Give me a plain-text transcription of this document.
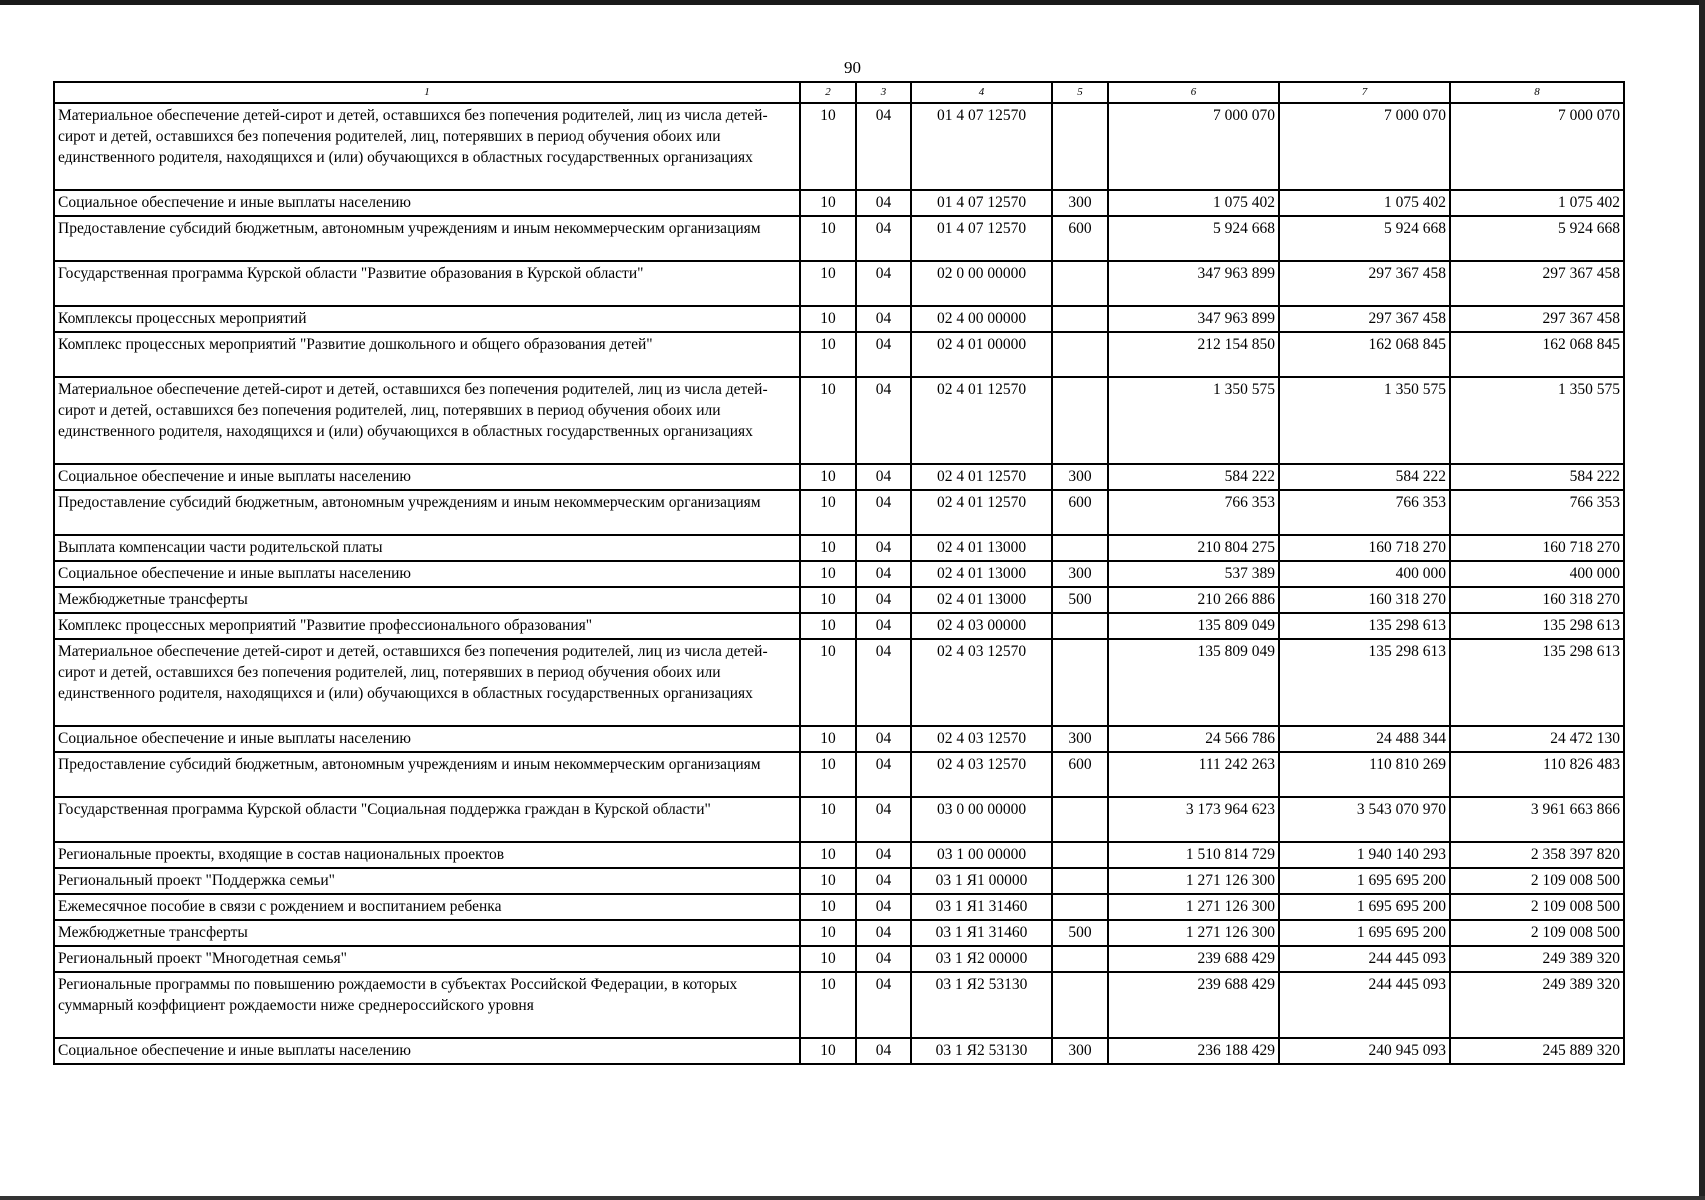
90
1	2	3	4	5	6	7	8
Материальное обеспечение детей-сирот и детей, оставшихся без попечения родителей, лиц из числа детей-сирот и детей, оставшихся без попечения родителей, лиц, потерявших в период обучения обоих или единственного родителя, находящихся и (или) обучающихся в областных государственных организациях	10	04	01 4 07 12570		7 000 070	7 000 070	7 000 070
Социальное обеспечение и иные выплаты населению	10	04	01 4 07 12570	300	1 075 402	1 075 402	1 075 402
Предоставление субсидий бюджетным, автономным учреждениям и иным некоммерческим организациям	10	04	01 4 07 12570	600	5 924 668	5 924 668	5 924 668
Государственная программа Курской области "Развитие образования в Курской области"	10	04	02 0 00 00000		347 963 899	297 367 458	297 367 458
Комплексы процессных мероприятий	10	04	02 4 00 00000		347 963 899	297 367 458	297 367 458
Комплекс процессных мероприятий "Развитие дошкольного и общего образования детей"	10	04	02 4 01 00000		212 154 850	162 068 845	162 068 845
Материальное обеспечение детей-сирот и детей, оставшихся без попечения родителей, лиц из числа детей-сирот и детей, оставшихся без попечения родителей, лиц, потерявших в период обучения обоих или единственного родителя, находящихся и (или) обучающихся в областных государственных организациях	10	04	02 4 01 12570		1 350 575	1 350 575	1 350 575
Социальное обеспечение и иные выплаты населению	10	04	02 4 01 12570	300	584 222	584 222	584 222
Предоставление субсидий бюджетным, автономным учреждениям и иным некоммерческим организациям	10	04	02 4 01 12570	600	766 353	766 353	766 353
Выплата компенсации части родительской платы	10	04	02 4 01 13000		210 804 275	160 718 270	160 718 270
Социальное обеспечение и иные выплаты населению	10	04	02 4 01 13000	300	537 389	400 000	400 000
Межбюджетные трансферты	10	04	02 4 01 13000	500	210 266 886	160 318 270	160 318 270
Комплекс процессных мероприятий "Развитие профессионального образования"	10	04	02 4 03 00000		135 809 049	135 298 613	135 298 613
Материальное обеспечение детей-сирот и детей, оставшихся без попечения родителей, лиц из числа детей-сирот и детей, оставшихся без попечения родителей, лиц, потерявших в период обучения обоих или единственного родителя, находящихся и (или) обучающихся в областных государственных организациях	10	04	02 4 03 12570		135 809 049	135 298 613	135 298 613
Социальное обеспечение и иные выплаты населению	10	04	02 4 03 12570	300	24 566 786	24 488 344	24 472 130
Предоставление субсидий бюджетным, автономным учреждениям и иным некоммерческим организациям	10	04	02 4 03 12570	600	111 242 263	110 810 269	110 826 483
Государственная программа Курской области "Социальная поддержка граждан в Курской области"	10	04	03 0 00 00000		3 173 964 623	3 543 070 970	3 961 663 866
Региональные проекты, входящие в состав национальных проектов	10	04	03 1 00 00000		1 510 814 729	1 940 140 293	2 358 397 820
Региональный проект "Поддержка семьи"	10	04	03 1 Я1 00000		1 271 126 300	1 695 695 200	2 109 008 500
Ежемесячное пособие в связи с рождением и воспитанием ребенка	10	04	03 1 Я1 31460		1 271 126 300	1 695 695 200	2 109 008 500
Межбюджетные трансферты	10	04	03 1 Я1 31460	500	1 271 126 300	1 695 695 200	2 109 008 500
Региональный проект "Многодетная семья"	10	04	03 1 Я2 00000		239 688 429	244 445 093	249 389 320
Региональные программы по повышению рождаемости в субъектах Российской Федерации, в которых суммарный коэффициент рождаемости ниже среднероссийского уровня	10	04	03 1 Я2 53130		239 688 429	244 445 093	249 389 320
Социальное обеспечение и иные выплаты населению	10	04	03 1 Я2 53130	300	236 188 429	240 945 093	245 889 320
